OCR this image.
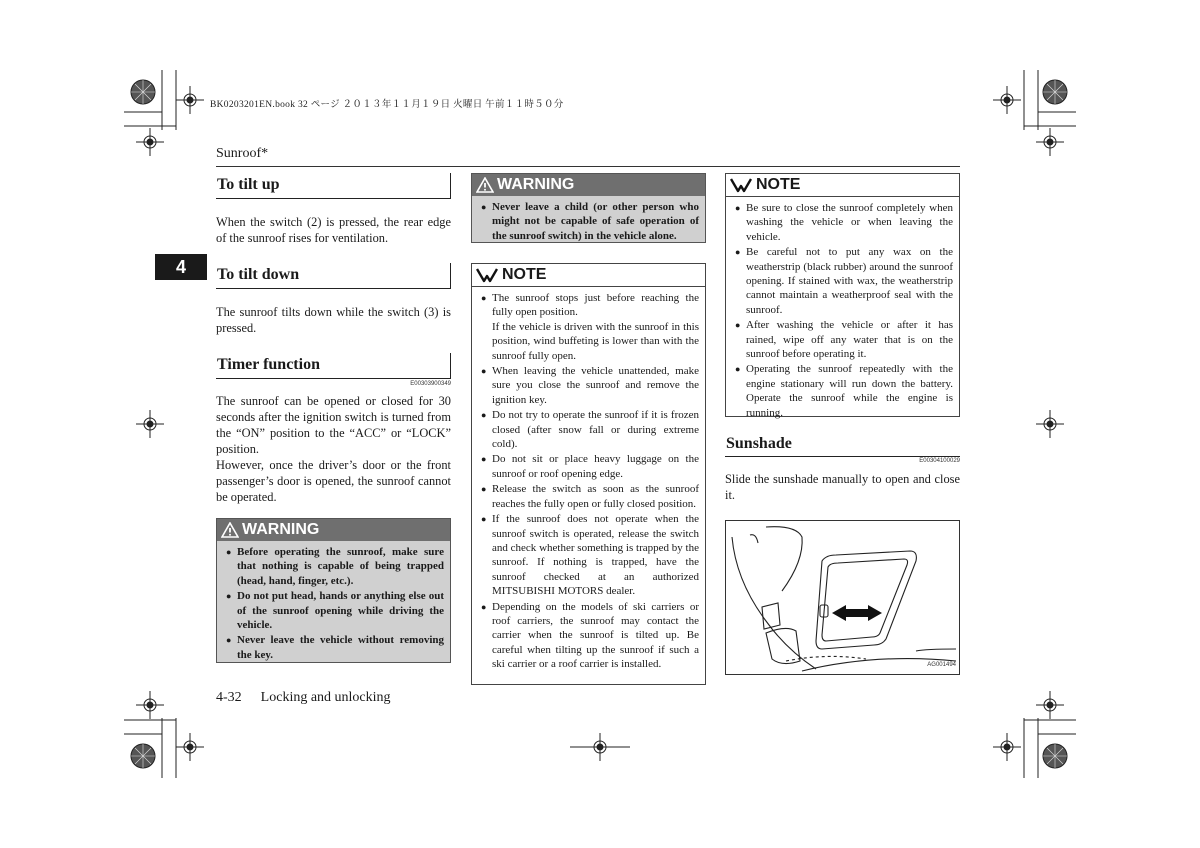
BK0203201EN.book 32 ページ ２０１３年１１月１９日 火曜日 午前１１時５０分
Sunroof*
4
To tilt up
When the switch (2) is pressed, the rear edge of the sunroof rises for ventilation.
To tilt down
The sunroof tilts down while the switch (3) is pressed.
Timer function
E00303900349
The sunroof can be opened or closed for 30 seconds after the ignition switch is turned from the “ON” position to the “ACC” or “LOCK” position.
However, once the driver’s door or the front passenger’s door is opened, the sunroof cannot be operated.
WARNING
● Before operating the sunroof, make sure that nothing is capable of being trapped (head, hand, finger, etc.).
● Do not put head, hands or anything else out of the sunroof opening while driving the vehicle.
● Never leave the vehicle without removing the key.
4-32 Locking and unlocking
WARNING
● Never leave a child (or other person who might not be capable of safe operation of the sunroof switch) in the vehicle alone.
NOTE
● The sunroof stops just before reaching the fully open position.
If the vehicle is driven with the sunroof in this position, wind buffeting is lower than with the sunroof fully open.
● When leaving the vehicle unattended, make sure you close the sunroof and remove the ignition key.
● Do not try to operate the sunroof if it is frozen closed (after snow fall or during extreme cold).
● Do not sit or place heavy luggage on the sunroof or roof opening edge.
● Release the switch as soon as the sunroof reaches the fully open or fully closed position.
● If the sunroof does not operate when the sunroof switch is operated, release the switch and check whether something is trapped by the sunroof. If nothing is trapped, have the sunroof checked at an authorized MITSUBISHI MOTORS dealer.
● Depending on the models of ski carriers or roof carriers, the sunroof may contact the carrier when the sunroof is tilted up. Be careful when tilting up the sunroof if such a ski carrier or a roof carrier is installed.
NOTE
● Be sure to close the sunroof completely when washing the vehicle or when leaving the vehicle.
● Be careful not to put any wax on the weatherstrip (black rubber) around the sunroof opening. If stained with wax, the weatherstrip cannot maintain a weatherproof seal with the sunroof.
● After washing the vehicle or after it has rained, wipe off any water that is on the sunroof before operating it.
● Operating the sunroof repeatedly with the engine stationary will run down the battery. Operate the sunroof while the engine is running.
Sunshade
E00304100029
Slide the sunshade manually to open and close it.
AG001494
